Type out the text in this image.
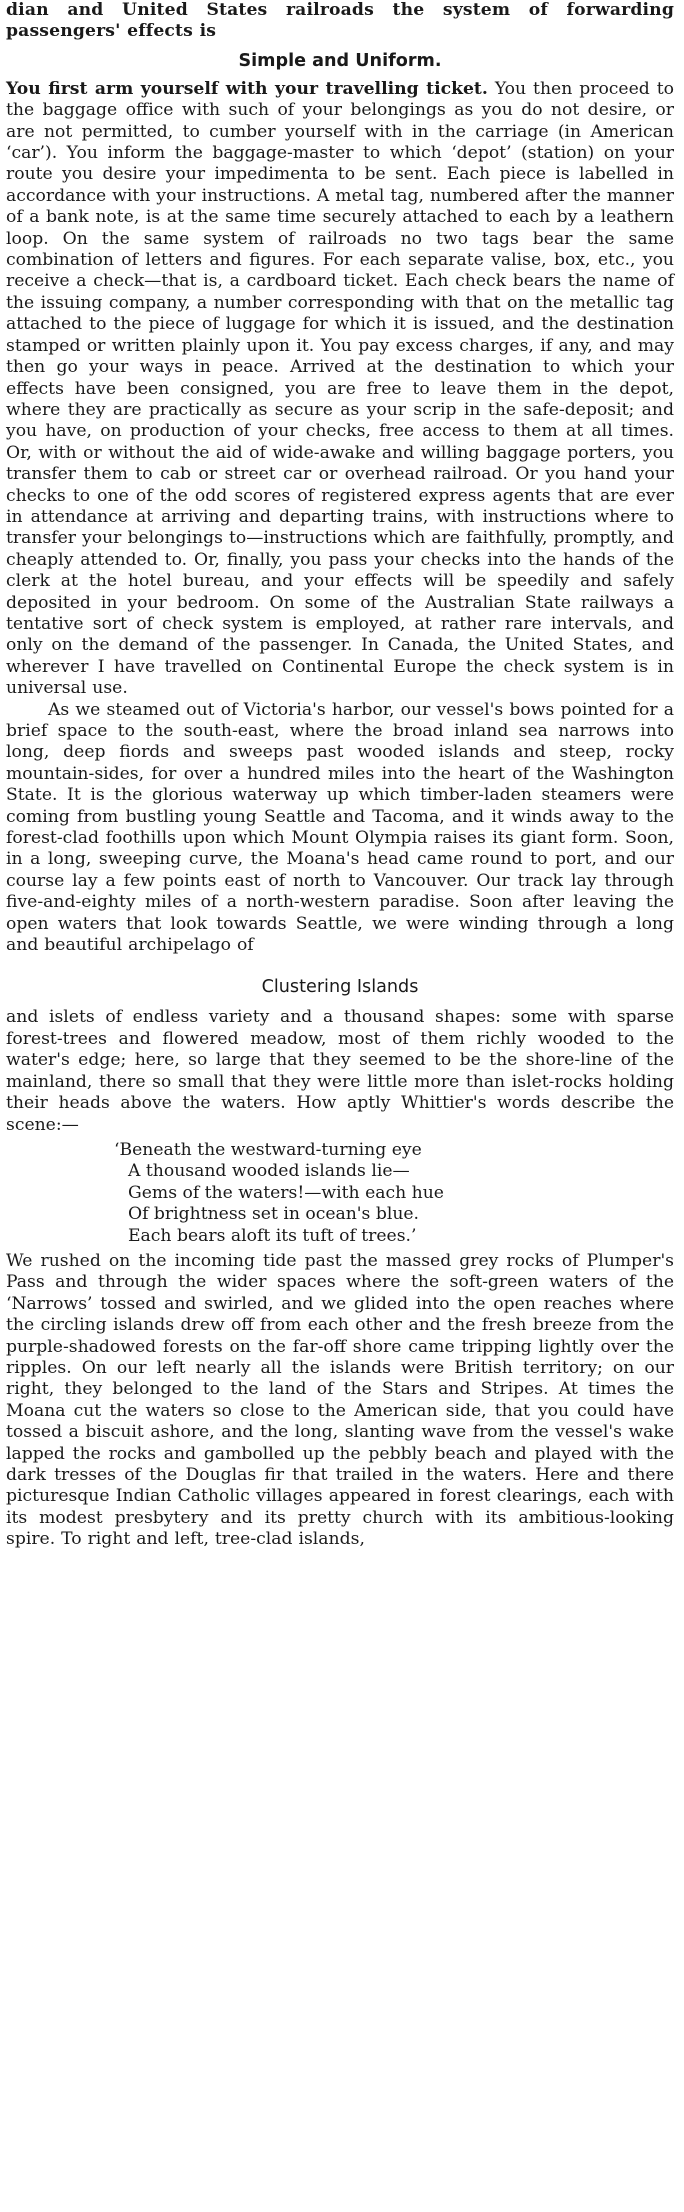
dian and United States railroads the system of forwarding passengers' effects is

Simple and Uniform.

You first arm yourself with your travelling ticket. You then proceed to the baggage office with such of your belongings as you do not desire, or are not permitted, to cumber yourself with in the carriage (in American ‘car’). You inform the baggage-master to which ‘depot’ (station) on your route you desire your impedimenta to be sent. Each piece is labelled in accordance with your instructions. A metal tag, numbered after the manner of a bank note, is at the same time securely attached to each by a leathern loop. On the same system of railroads no two tags bear the same combination of letters and figures. For each separate valise, box, etc., you receive a check—that is, a cardboard ticket. Each check bears the name of the issuing company, a number corresponding with that on the metallic tag attached to the piece of luggage for which it is issued, and the destination stamped or written plainly upon it. You pay excess charges, if any, and may then go your ways in peace. Arrived at the destination to which your effects have been consigned, you are free to leave them in the depot, where they are practically as secure as your scrip in the safe-deposit; and you have, on production of your checks, free access to them at all times. Or, with or without the aid of wide-awake and willing baggage porters, you transfer them to cab or street car or overhead railroad. Or you hand your checks to one of the odd scores of registered express agents that are ever in attendance at arriving and departing trains, with instructions where to transfer your belongings to—instructions which are faithfully, promptly, and cheaply attended to. Or, finally, you pass your checks into the hands of the clerk at the hotel bureau, and your effects will be speedily and safely deposited in your bedroom. On some of the Australian State railways a tentative sort of check system is employed, at rather rare intervals, and only on the demand of the passenger. In Canada, the United States, and wherever I have travelled on Continental Europe the check system is in universal use.

As we steamed out of Victoria's harbor, our vessel's bows pointed for a brief space to the south-east, where the broad inland sea narrows into long, deep fiords and sweeps past wooded islands and steep, rocky mountain-sides, for over a hundred miles into the heart of the Washington State. It is the glorious waterway up which timber-laden steamers were coming from bustling young Seattle and Tacoma, and it winds away to the forest-clad foothills upon which Mount Olympia raises its giant form. Soon, in a long, sweeping curve, the Moana's head came round to port, and our course lay a few points east of north to Vancouver. Our track lay through five-and-eighty miles of a north-western paradise. Soon after leaving the open waters that look towards Seattle, we were winding through a long and beautiful archipelago of

Clustering Islands

and islets of endless variety and a thousand shapes: some with sparse forest-trees and flowered meadow, most of them richly wooded to the water's edge; here, so large that they seemed to be the shore-line of the mainland, there so small that they were little more than islet-rocks holding their heads above the waters. How aptly Whittier's words describe the scene:—

‘Beneath the westward-turning eye
A thousand wooded islands lie—
Gems of the waters!—with each hue
Of brightness set in ocean's blue.
Each bears aloft its tuft of trees.’

We rushed on the incoming tide past the massed grey rocks of Plumper's Pass and through the wider spaces where the soft-green waters of the ‘Narrows’ tossed and swirled, and we glided into the open reaches where the circling islands drew off from each other and the fresh breeze from the purple-shadowed forests on the far-off shore came tripping lightly over the ripples. On our left nearly all the islands were British territory; on our right, they belonged to the land of the Stars and Stripes. At times the Moana cut the waters so close to the American side, that you could have tossed a biscuit ashore, and the long, slanting wave from the vessel's wake lapped the rocks and gambolled up the pebbly beach and played with the dark tresses of the Douglas fir that trailed in the waters. Here and there picturesque Indian Catholic villages appeared in forest clearings, each with its modest presbytery and its pretty church with its ambitious-looking spire. To right and left, tree-clad islands,
